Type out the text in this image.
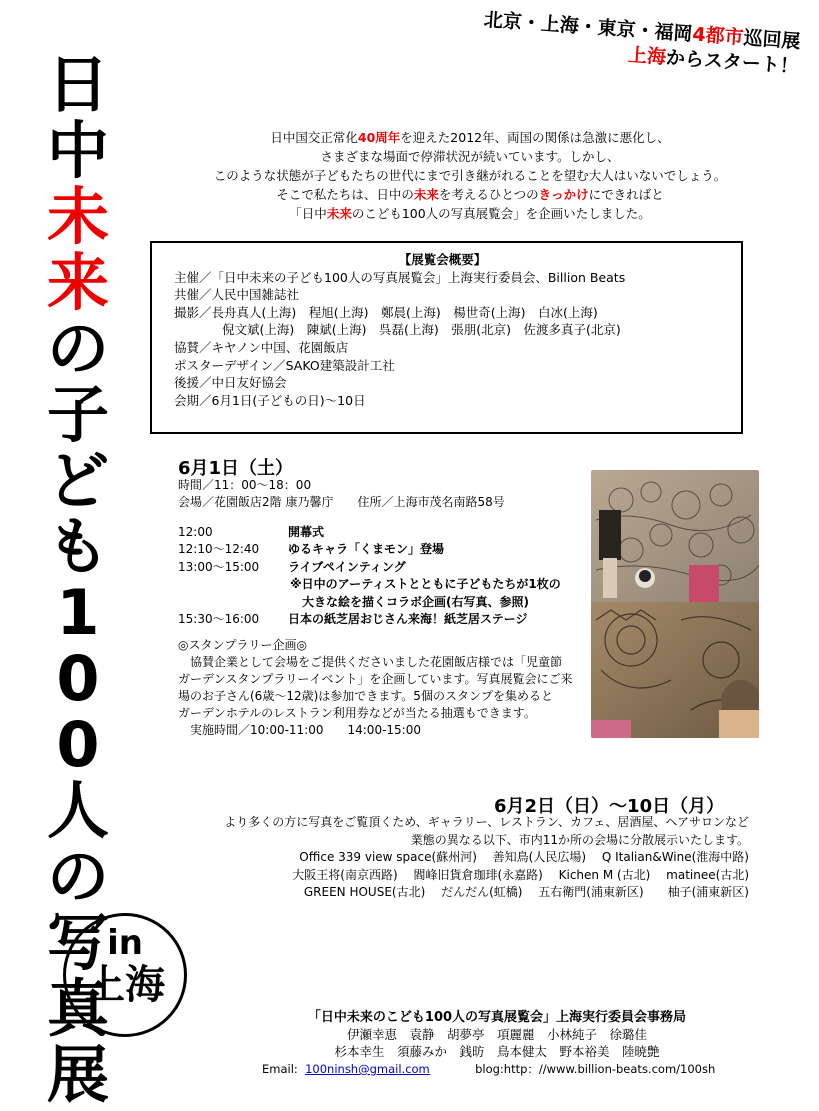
日
中
未
来
の
子
ど
も
1
0
0
人
の
写
真
展
in
上海
北京・上海・東京・福岡4都市巡回展
上海からスタート！
日中国交正常化40周年を迎えた2012年、両国の関係は急激に悪化し、
さまざまな場面で停滞状況が続いています。しかし、
このような状態が子どもたちの世代にまで引き継がれることを望む大人はいないでしょう。
そこで私たちは、日中の未来を考えるひとつのきっかけにできればと
「日中未来のこども100人の写真展覧会」を企画いたしました。
【展覧会概要】
主催／「日中未来の子ども100人の写真展覧会」上海実行委員会、Billion Beats
共催／人民中国雑誌社
撮影／長舟真人(上海)　程旭(上海)　鄭晨(上海)　楊世奇(上海)　白冰(上海)
倪文斌(上海)　陳斌(上海)　呉磊(上海)　張朋(北京)　佐渡多真子(北京)
協賛／キヤノン中国、花園飯店
ポスターデザイン／SAKO建築設計工社
後援／中日友好協会
会期／6月1日(子どもの日)～10日
6月1日（土）
時間／11：00～18：00
会場／花園飯店2階 康乃馨庁　　住所／上海市茂名南路58号
12:00	開幕式
12:10～12:40	ゆるキャラ「くまモン」登場
13:00～15:00	ライブペインティング
※日中のアーティストとともに子どもたちが1枚の
大きな絵を描くコラボ企画(右写真、参照)
15:30～16:00	日本の紙芝居おじさん来海！紙芝居ステージ
◎スタンプラリー企画◎
　協賛企業として会場をご提供くださいました花園飯店様では「児童節
ガーデンスタンプラリーイベント」を企画しています。写真展覧会にご来
場のお子さん(6歳～12歳)は参加できます。5個のスタンプを集めると
ガーデンホテルのレストラン利用券などが当たる抽選もできます。
　実施時間／10:00-11:00　　14:00-15:00
6月2日（日）～10日（月）
より多くの方に写真をご覧頂くため、ギャラリー、レストラン、カフェ、居酒屋、ヘアサロンなど
業態の異なる以下、市内11か所の会場に分散展示いたします。
Office 339 view space(蘇州河)　 善知鳥(人民広場)　 Q Italian&Wine(淮海中路)
大阪王将(南京西路)　 閻峰旧貨倉珈琲(永嘉路)　 Kichen M (古北)　 matinee(古北)
GREEN HOUSE(古北)　 だんだん(虹橋)　 五右衛門(浦東新区)　　柚子(浦東新区)
「日中未来のこども100人の写真展覧会」上海実行委員会事務局
伊瀬幸恵　袁静　胡夢亭　項麗麗　小林純子　徐璐佳
杉本幸生　須藤みか　銭昉　鳥本健太　野本裕美　陸暁艶
Email: 100ninsh@gmail.com	blog:http：//www.billion-beats.com/100sh
